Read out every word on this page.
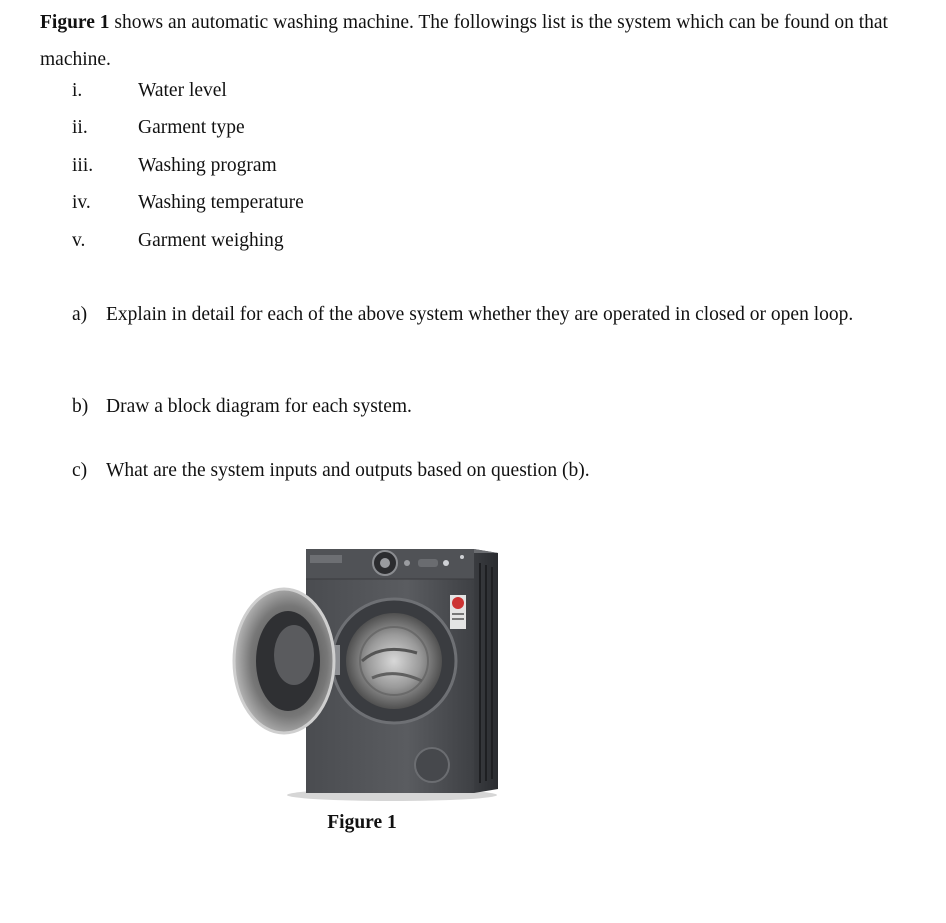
Figure 1 shows an automatic washing machine. The followings list is the system which can be found on that machine.

i.	Water level
ii.	Garment type
iii.	Washing program
iv.	Washing temperature
v.	Garment weighing
a) Explain in detail for each of the above system whether they are operated in closed or open loop.
b) Draw a block diagram for each system.
c) What are the system inputs and outputs based on question (b).
Figure 1
